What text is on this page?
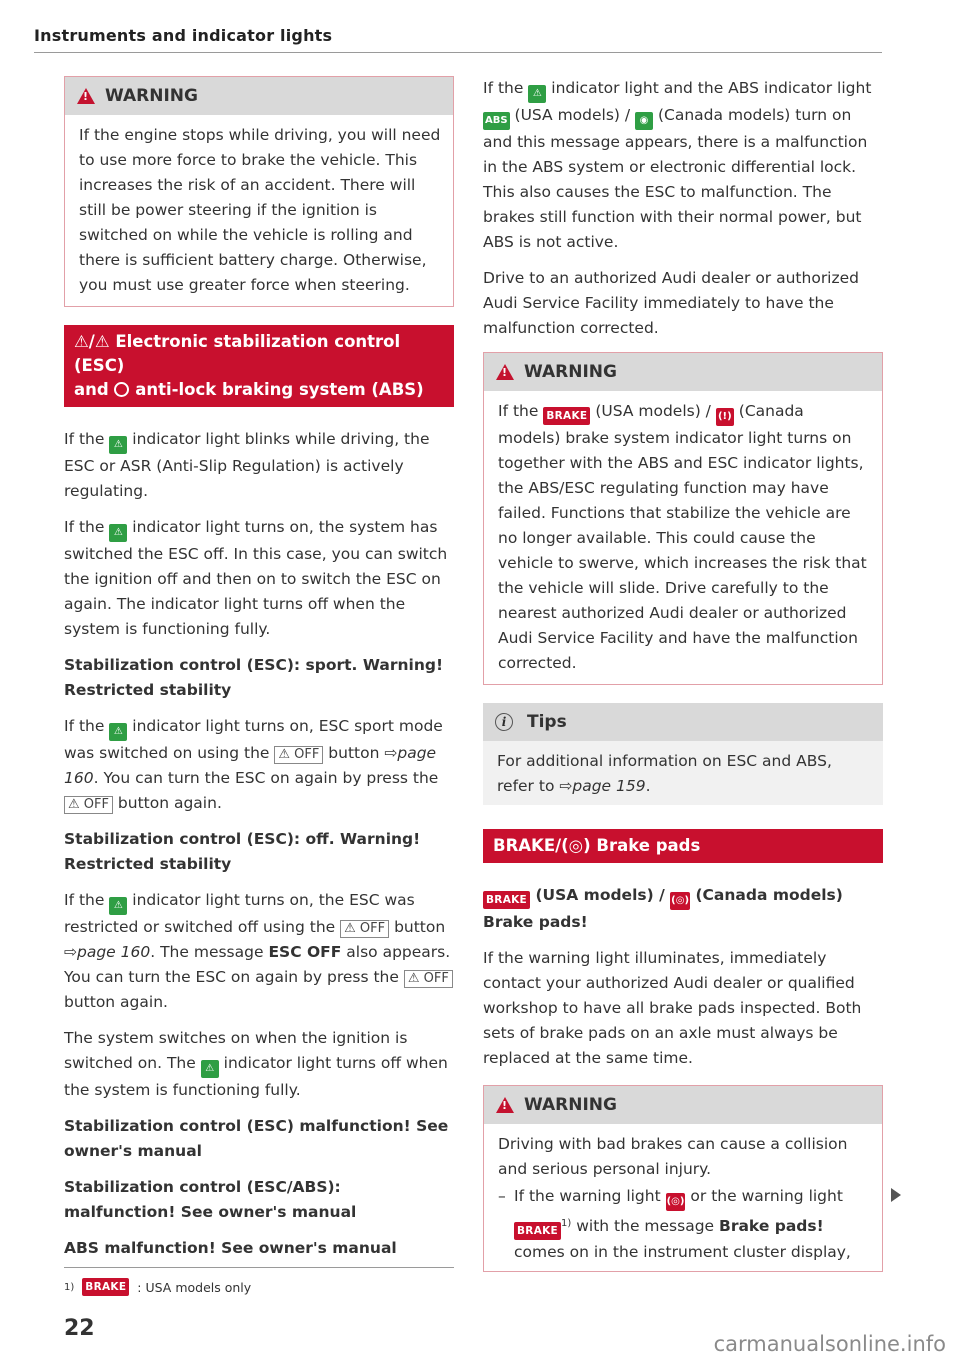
Instruments and indicator lights
!
WARNING

If the engine stops while driving, you will need to use more force to brake the vehicle. This increases the risk of an accident. There will still be power steering if the ignition is switched on while the vehicle is rolling and there is sufficient battery charge. Otherwise, you must use greater force when steering.

⚠/⚠ Electronic stabilization control (ESC)
and anti-lock braking system (ABS)

If the ⚠ indicator light blinks while driving, the ESC or ASR (Anti-Slip Regulation) is actively regulating.

If the ⚠ indicator light turns on, the system has switched the ESC off. In this case, you can switch the ignition off and then on to switch the ESC on again. The indicator light turns off when the system is functioning fully.

Stabilization control (ESC): sport. Warning! Restricted stability

If the ⚠ indicator light turns on, ESC sport mode was switched on using the ⚠ OFF button ⇨page 160. You can turn the ESC on again by press the ⚠ OFF button again.

Stabilization control (ESC): off. Warning! Restricted stability

If the ⚠ indicator light turns on, the ESC was restricted or switched off using the ⚠ OFF button ⇨page 160. The message ESC OFF also appears. You can turn the ESC on again by press the ⚠ OFF button again.

The system switches on when the ignition is switched on. The ⚠ indicator light turns off when the system is functioning fully.

Stabilization control (ESC) malfunction! See owner's manual

Stabilization control (ESC/ABS): malfunction! See owner's manual

ABS malfunction! See owner's manual

If the ⚠ indicator light and the ABS indicator light ABS (USA models) / ◉ (Canada models) turn on and this message appears, there is a malfunction in the ABS system or electronic differential lock. This also causes the ESC to malfunction. The brakes still function with their normal power, but ABS is not active.

Drive to an authorized Audi dealer or authorized Audi Service Facility immediately to have the malfunction corrected.

!
WARNING

If the BRAKE (USA models) / (!) (Canada models) brake system indicator light turns on together with the ABS and ESC indicator lights, the ABS/ESC regulating function may have failed. Functions that stabilize the vehicle are no longer available. This could cause the vehicle to swerve, which increases the risk that the vehicle will slide. Drive carefully to the nearest authorized Audi dealer or authorized Audi Service Facility and have the malfunction corrected.

i	Tips

For additional information on ESC and ABS, refer to ⇨page 159.

BRAKE/(◎) Brake pads

BRAKE (USA models) / (◎) (Canada models)
Brake pads!

If the warning light illuminates, immediately contact your authorized Audi dealer or qualified workshop to have all brake pads inspected. Both sets of brake pads on an axle must always be replaced at the same time.

!
WARNING

Driving with bad brakes can cause a collision and serious personal injury.

– If the warning light (◎) or the warning light BRAKE$^{1)}$ with the message Brake pads! comes on in the instrument cluster display,
1) BRAKE : USA models only
22
carmanualsonline.info
